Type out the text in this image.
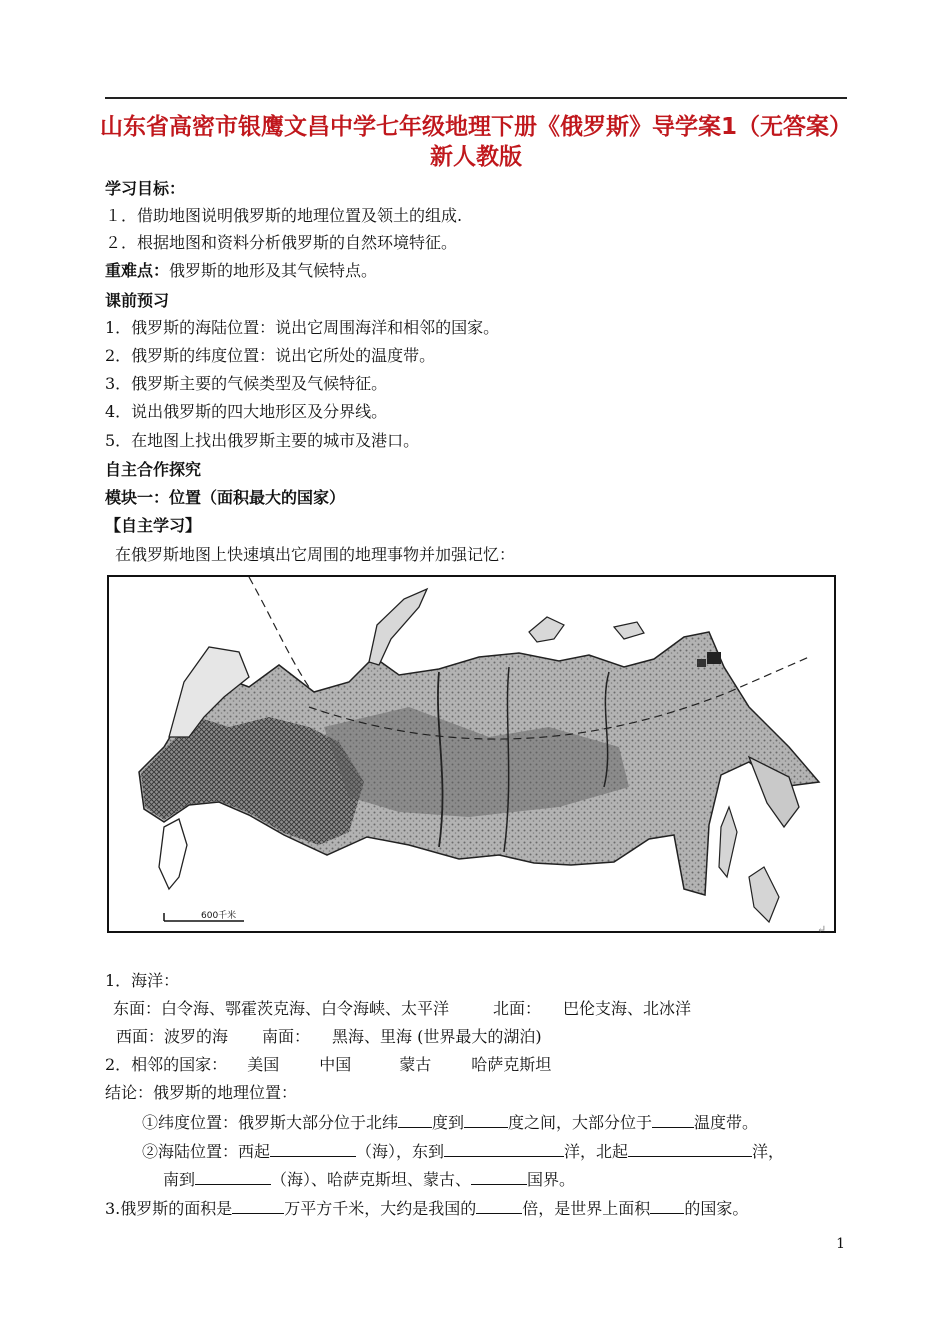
山东省高密市银鹰文昌中学七年级地理下册《俄罗斯》导学案1（无答案） 新人教版
学习目标：
１．借助地图说明俄罗斯的地理位置及领土的组成.
２．根据地图和资料分析俄罗斯的自然环境特征。
重难点：俄罗斯的地形及其气候特点。
课前预习
1．俄罗斯的海陆位置：说出它周围海洋和相邻的国家。
2．俄罗斯的纬度位置：说出它所处的温度带。
3．俄罗斯主要的气候类型及气候特征。
4．说出俄罗斯的四大地形区及分界线。
5．在地图上找出俄罗斯主要的城市及港口。
自主合作探究
模块一：位置（面积最大的国家）
【自主学习】
在俄罗斯地图上快速填出它周围的地理事物并加强记忆：
600千米
↵
1．海洋：
东面：白令海、鄂霍茨克海、白令海峡、太平洋	北面： 巴伦支海、北冰洋
西面：波罗的海 南面： 黑海、里海 (世界最大的湖泊)
2．相邻的国家： 美国	中国	蒙古	哈萨克斯坦
结论：俄罗斯的地理位置：
①纬度位置：俄罗斯大部分位于北纬 度到	度之间，大部分位于	温度带。
②海陆位置：西起	（海），东到	洋，北起	洋，
南到	（海）、哈萨克斯坦、蒙古、	国界。
3.俄罗斯的面积是	万平方千米，大约是我国的	倍，是世界上面积 的国家。
1
